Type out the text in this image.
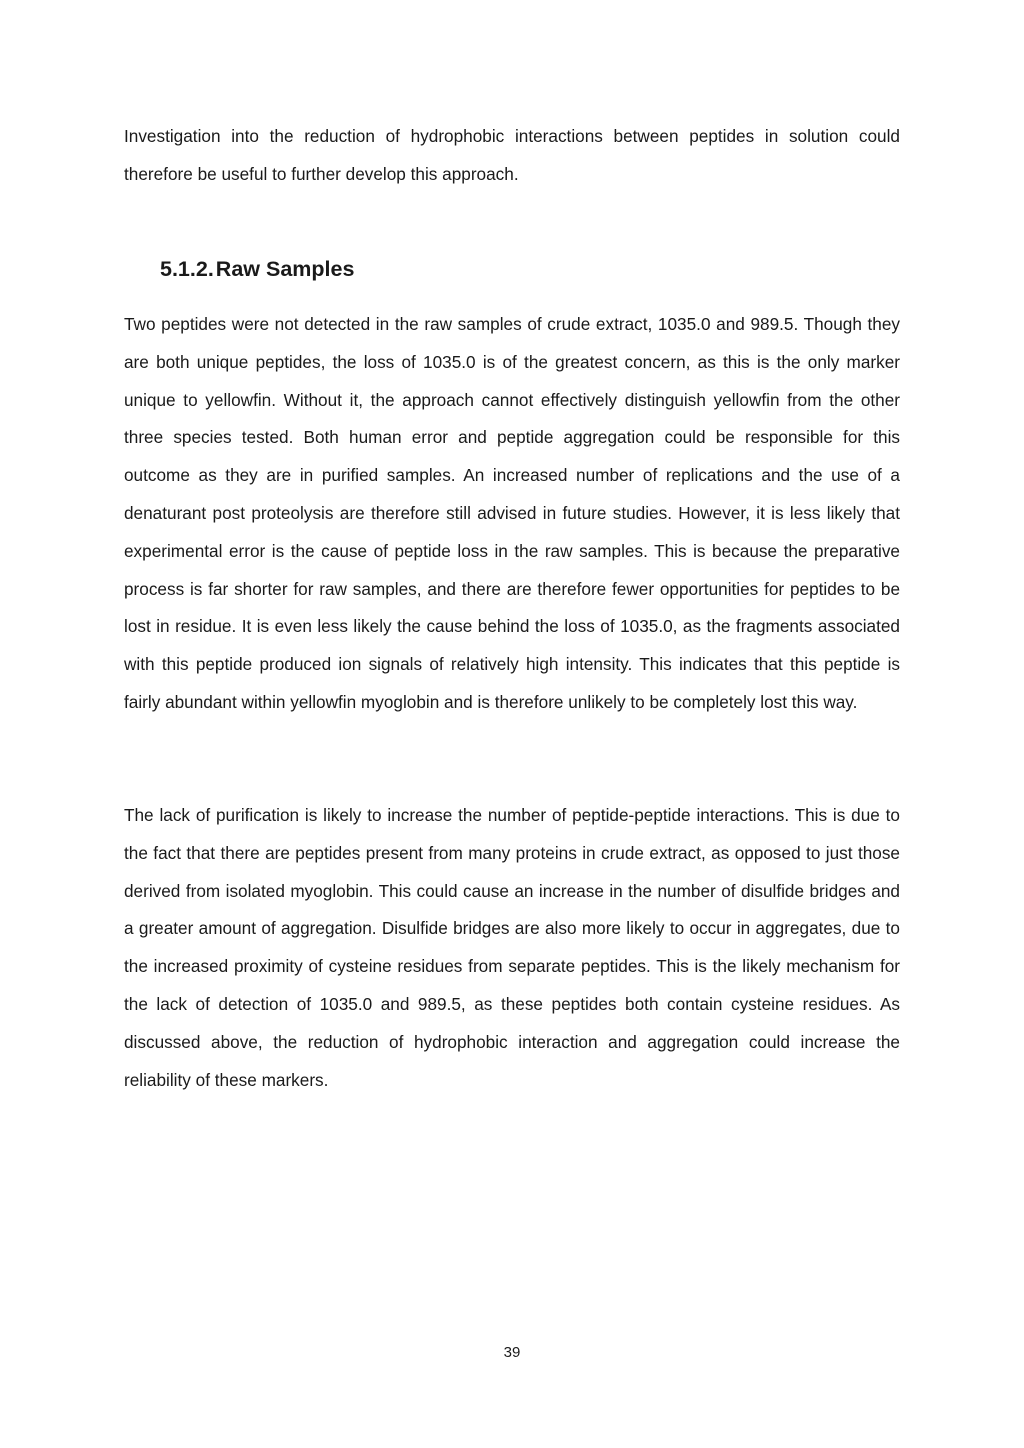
Investigation into the reduction of hydrophobic interactions between peptides in solution could therefore be useful to further develop this approach.

5.1.2.Raw Samples

Two peptides were not detected in the raw samples of crude extract, 1035.0 and 989.5. Though they are both unique peptides, the loss of 1035.0 is of the greatest concern, as this is the only marker unique to yellowfin. Without it, the approach cannot effectively distinguish yellowfin from the other three species tested. Both human error and peptide aggregation could be responsible for this outcome as they are in purified samples. An increased number of replications and the use of a denaturant post proteolysis are therefore still advised in future studies. However, it is less likely that experimental error is the cause of peptide loss in the raw samples. This is because the preparative process is far shorter for raw samples, and there are therefore fewer opportunities for peptides to be lost in residue. It is even less likely the cause behind the loss of 1035.0, as the fragments associated with this peptide produced ion signals of relatively high intensity. This indicates that this peptide is fairly abundant within yellowfin myoglobin and is therefore unlikely to be completely lost this way.

The lack of purification is likely to increase the number of peptide-peptide interactions. This is due to the fact that there are peptides present from many proteins in crude extract, as opposed to just those derived from isolated myoglobin. This could cause an increase in the number of disulfide bridges and a greater amount of aggregation. Disulfide bridges are also more likely to occur in aggregates, due to the increased proximity of cysteine residues from separate peptides. This is the likely mechanism for the lack of detection of 1035.0 and 989.5, as these peptides both contain cysteine residues. As discussed above, the reduction of hydrophobic interaction and aggregation could increase the reliability of these markers.

39
